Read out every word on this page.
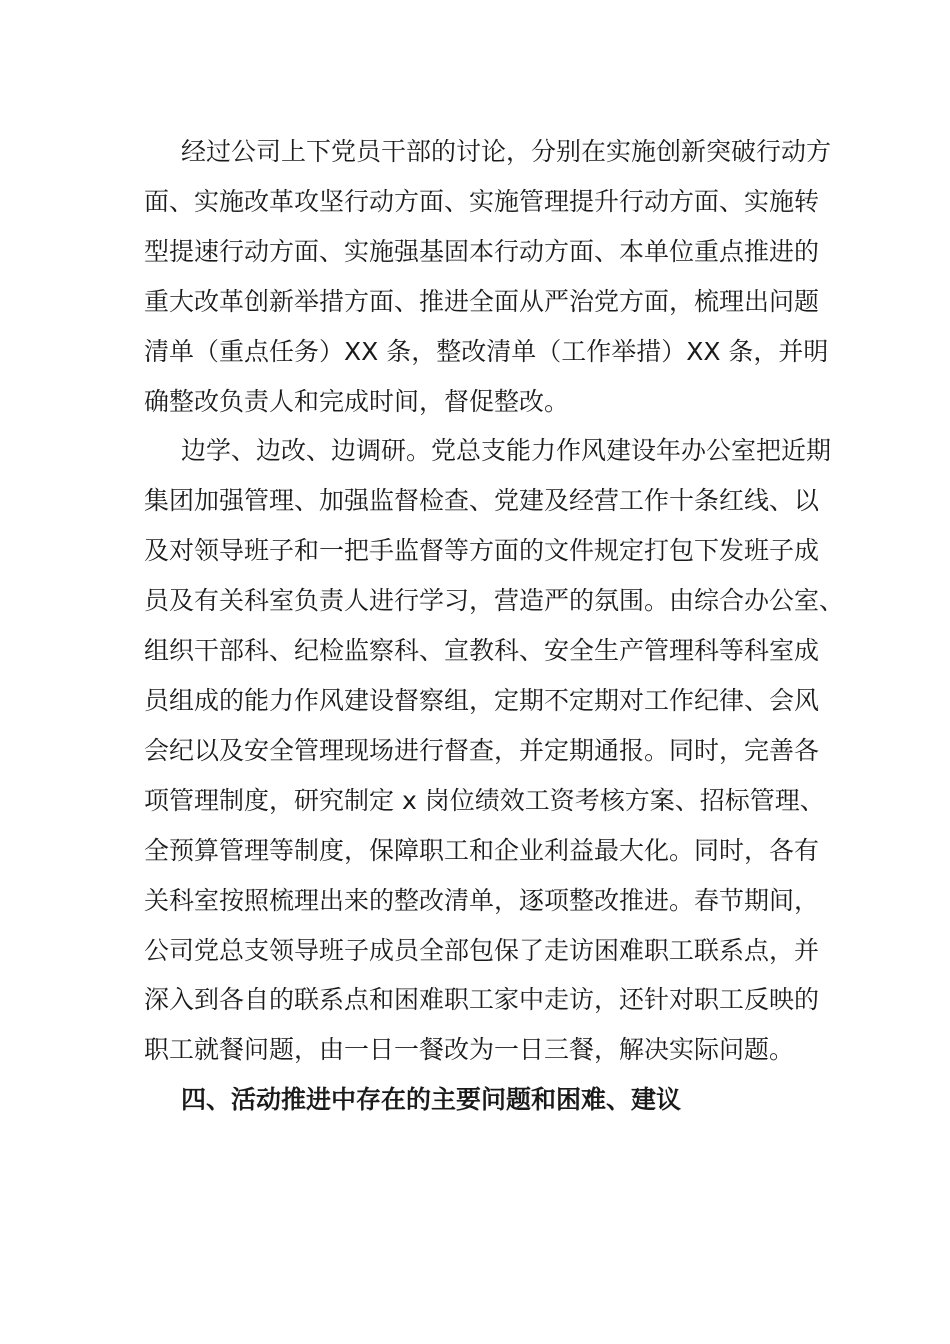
经过公司上下党员干部的讨论，分别在实施创新突破行动方
面、实施改革攻坚行动方面、实施管理提升行动方面、实施转
型提速行动方面、实施强基固本行动方面、本单位重点推进的
重大改革创新举措方面、推进全面从严治党方面，梳理出问题
清单（重点任务）XX 条，整改清单（工作举措）XX 条，并明
确整改负责人和完成时间，督促整改。
边学、边改、边调研。党总支能力作风建设年办公室把近期
集团加强管理、加强监督检查、党建及经营工作十条红线、以
及对领导班子和一把手监督等方面的文件规定打包下发班子成
员及有关科室负责人进行学习，营造严的氛围。由综合办公室、
组织干部科、纪检监察科、宣教科、安全生产管理科等科室成
员组成的能力作风建设督察组，定期不定期对工作纪律、会风
会纪以及安全管理现场进行督查，并定期通报。同时，完善各
项管理制度，研究制定 x 岗位绩效工资考核方案、招标管理、
全预算管理等制度，保障职工和企业利益最大化。同时，各有
关科室按照梳理出来的整改清单，逐项整改推进。春节期间，
公司党总支领导班子成员全部包保了走访困难职工联系点，并
深入到各自的联系点和困难职工家中走访，还针对职工反映的
职工就餐问题，由一日一餐改为一日三餐，解决实际问题。
四、活动推进中存在的主要问题和困难、建议
